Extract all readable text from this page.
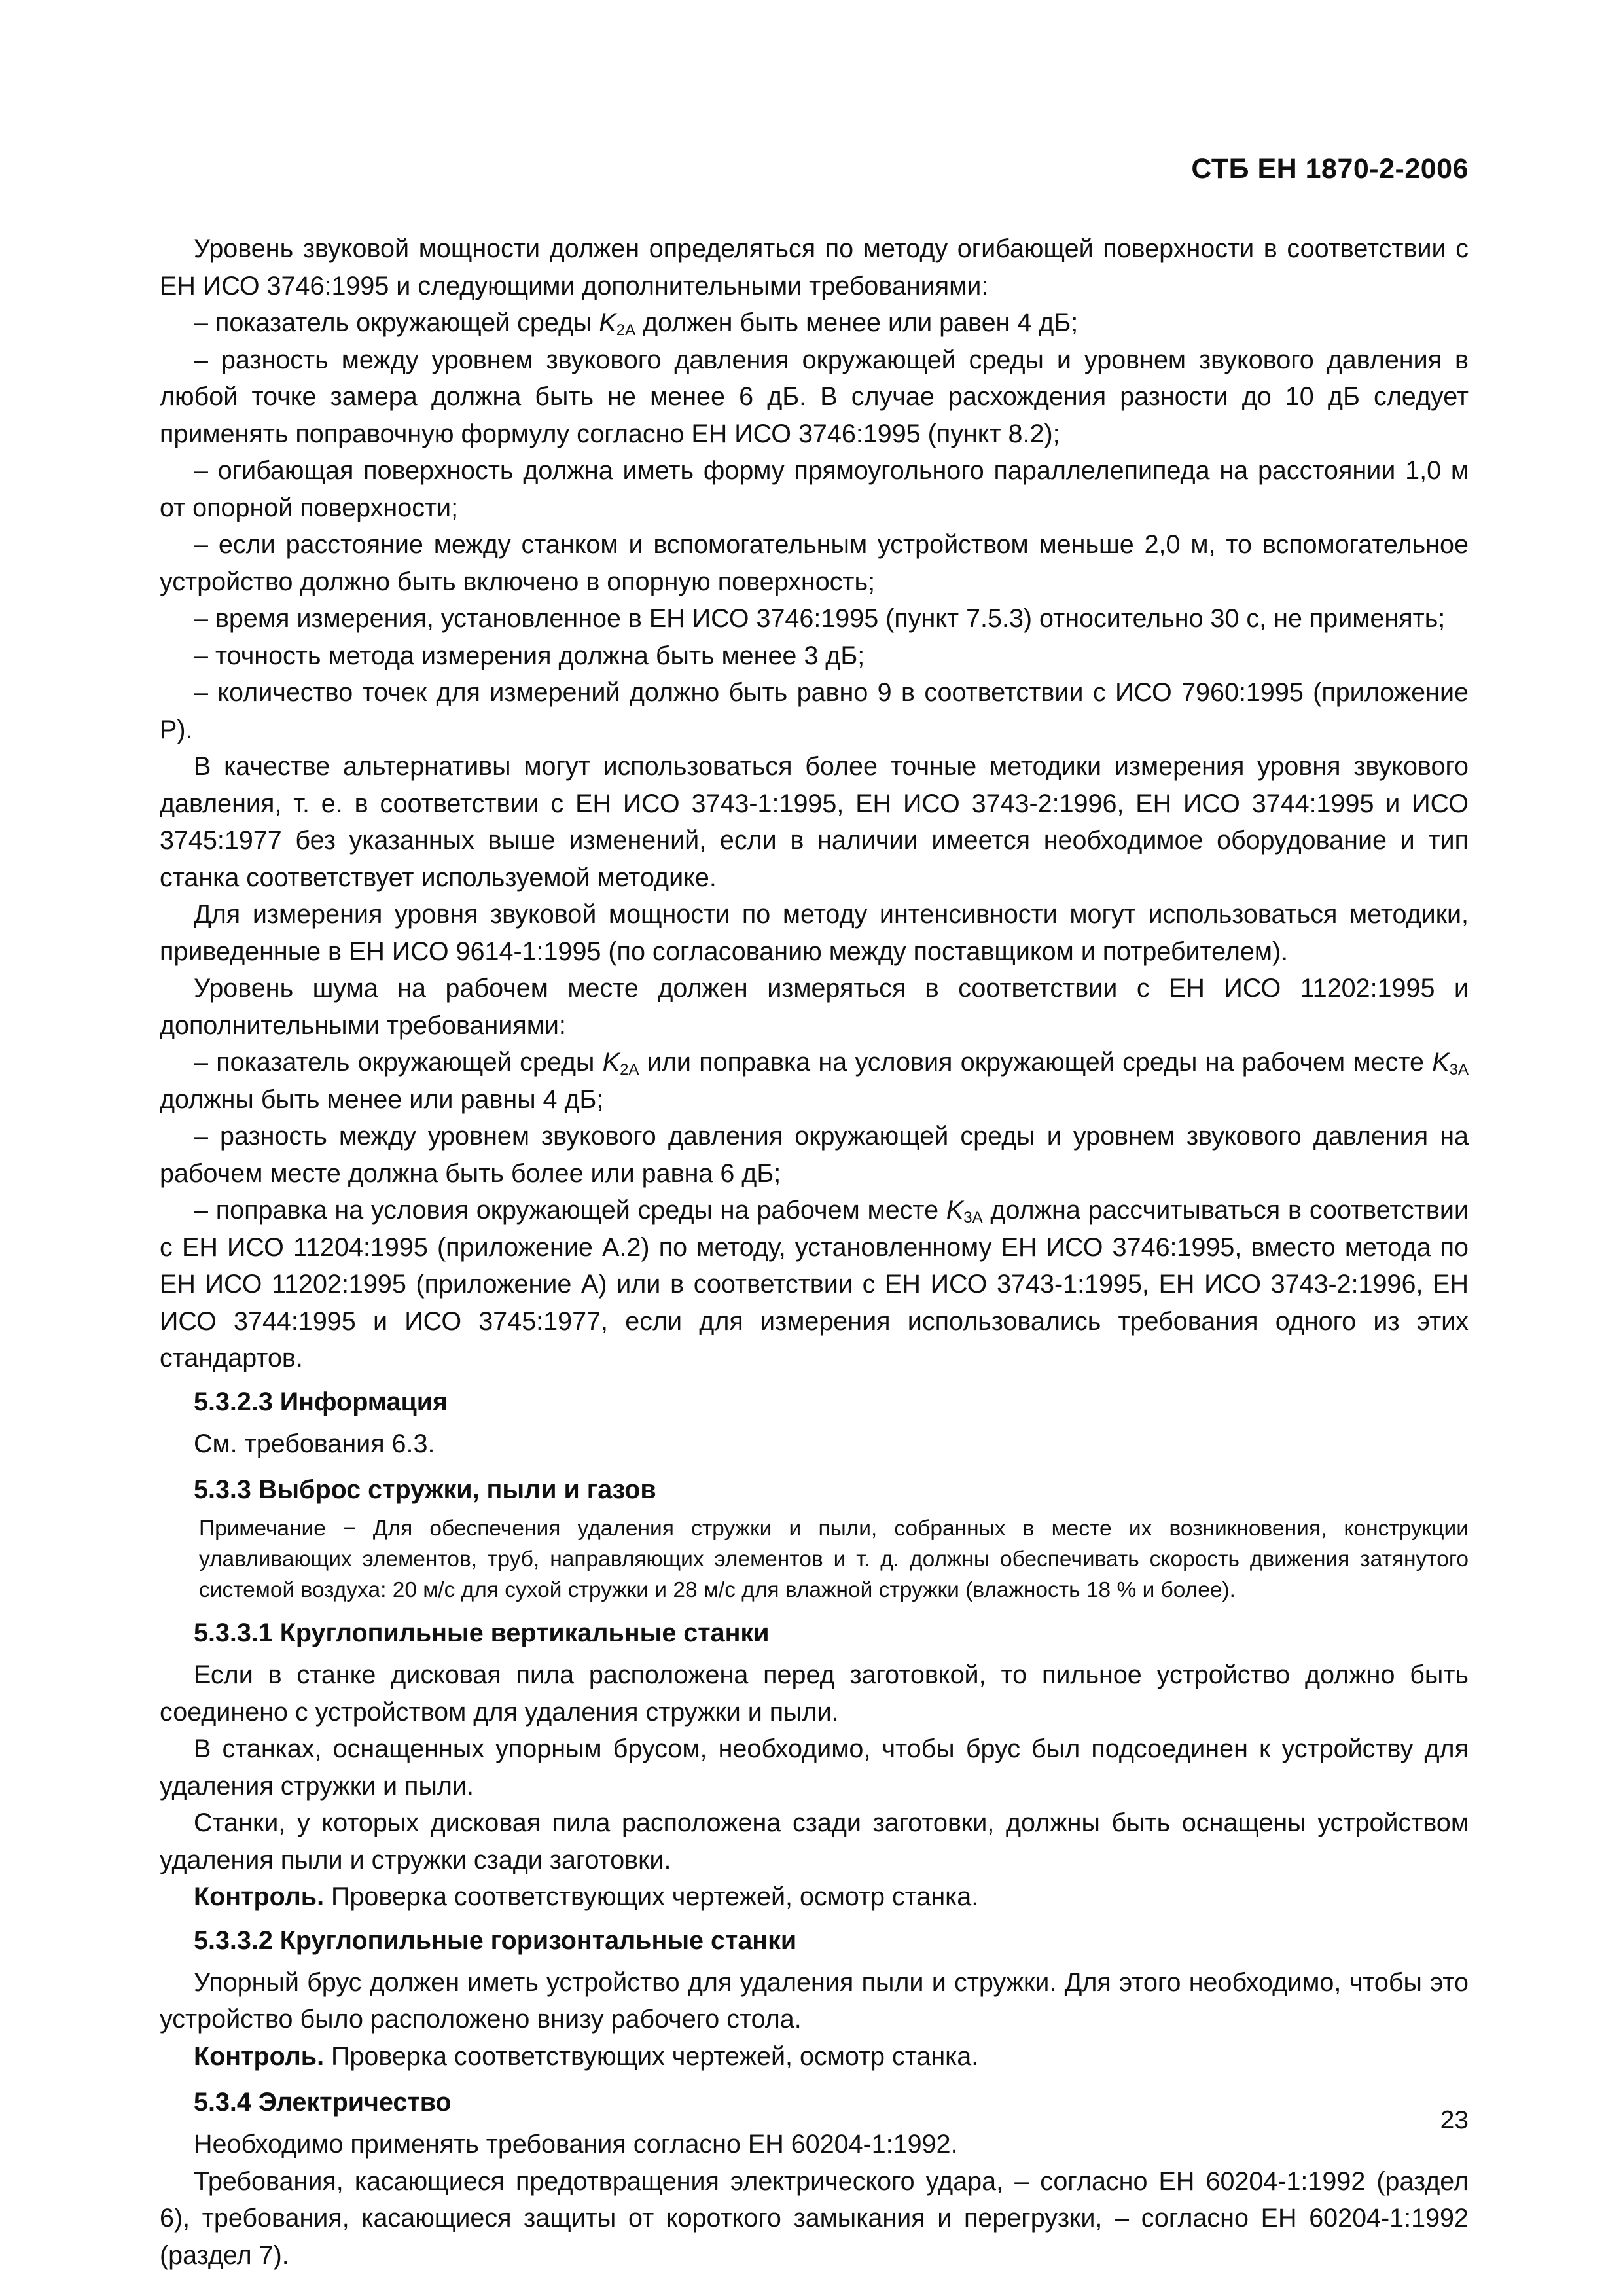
СТБ ЕН 1870-2-2006

Уровень звуковой мощности должен определяться по методу огибающей поверхности в соответствии с ЕН ИСО 3746:1995 и следующими дополнительными требованиями:

– показатель окружающей среды $K_{2A}$ должен быть менее или равен 4 дБ;

– разность между уровнем звукового давления окружающей среды и уровнем звукового давления в любой точке замера должна быть не менее 6 дБ. В случае расхождения разности до 10 дБ следует применять поправочную формулу согласно ЕН ИСО 3746:1995 (пункт 8.2);

– огибающая поверхность должна иметь форму прямоугольного параллелепипеда на расстоянии 1,0 м от опорной поверхности;

– если расстояние между станком и вспомогательным устройством меньше 2,0 м, то вспомогательное устройство должно быть включено в опорную поверхность;

– время измерения, установленное в ЕН ИСО 3746:1995 (пункт 7.5.3) относительно 30 с, не применять;

– точность метода измерения должна быть менее 3 дБ;

– количество точек для измерений должно быть равно 9 в соответствии с ИСО 7960:1995 (приложение Р).

В качестве альтернативы могут использоваться более точные методики измерения уровня звукового давления, т. е. в соответствии с ЕН ИСО 3743-1:1995, ЕН ИСО 3743-2:1996, ЕН ИСО 3744:1995 и ИСО 3745:1977 без указанных выше изменений, если в наличии имеется необходимое оборудование и тип станка соответствует используемой методике.

Для измерения уровня звуковой мощности по методу интенсивности могут использоваться методики, приведенные в ЕН ИСО 9614-1:1995 (по согласованию между поставщиком и потребителем).

Уровень шума на рабочем месте должен измеряться в соответствии с ЕН ИСО 11202:1995 и дополнительными требованиями:

– показатель окружающей среды $K_{2A}$ или поправка на условия окружающей среды на рабочем месте $K_{3A}$ должны быть менее или равны 4 дБ;

– разность между уровнем звукового давления окружающей среды и уровнем звукового давления на рабочем месте должна быть более или равна 6 дБ;

– поправка на условия окружающей среды на рабочем месте $K_{3A}$ должна рассчитываться в соответствии с ЕН ИСО 11204:1995 (приложение А.2) по методу, установленному ЕН ИСО 3746:1995, вместо метода по ЕН ИСО 11202:1995 (приложение А) или в соответствии с ЕН ИСО 3743-1:1995, ЕН ИСО 3743-2:1996, ЕН ИСО 3744:1995 и ИСО 3745:1977, если для измерения использовались требования одного из этих стандартов.

5.3.2.3 Информация

См. требования 6.3.

5.3.3 Выброс стружки, пыли и газов
Примечание − Для обеспечения удаления стружки и пыли, собранных в месте их возникновения, конструкции улавливающих элементов, труб, направляющих элементов и т. д. должны обеспечивать скорость движения затянутого системой воздуха: 20 м/с для сухой стружки и 28 м/с для влажной стружки (влажность 18 % и более).
5.3.3.1 Круглопильные вертикальные станки

Если в станке дисковая пила расположена перед заготовкой, то пильное устройство должно быть соединено с устройством для удаления стружки и пыли.

В станках, оснащенных упорным брусом, необходимо, чтобы брус был подсоединен к устройству для удаления стружки и пыли.

Станки, у которых дисковая пила расположена сзади заготовки, должны быть оснащены устройством удаления пыли и стружки сзади заготовки.

Контроль. Проверка соответствующих чертежей, осмотр станка.

5.3.3.2 Круглопильные горизонтальные станки

Упорный брус должен иметь устройство для удаления пыли и стружки. Для этого необходимо, чтобы это устройство было расположено внизу рабочего стола.

Контроль. Проверка соответствующих чертежей, осмотр станка.

5.3.4 Электричество

Необходимо применять требования согласно ЕН 60204-1:1992.

Требования, касающиеся предотвращения электрического удара, – согласно ЕН 60204-1:1992 (раздел 6), требования, касающиеся защиты от короткого замыкания и перегрузки, – согласно ЕН 60204-1:1992 (раздел 7).

23
